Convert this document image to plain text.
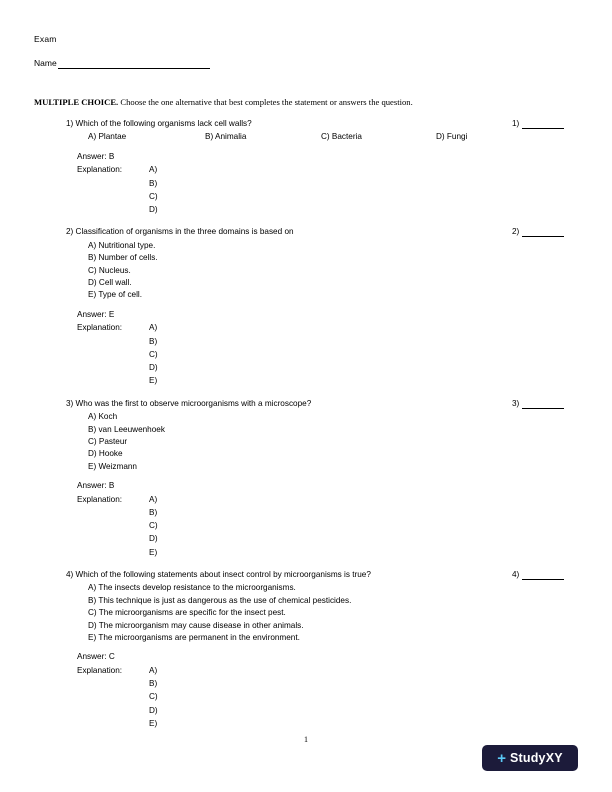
Exam
Name
MULTIPLE CHOICE. Choose the one alternative that best completes the statement or answers the question.
1) Which of the following organisms lack cell walls?
A) Plantae	B) Animalia	C) Bacteria	D) Fungi
Answer: B
Explanation:	A)
B)
C)
D)
1)
2) Classification of organisms in the three domains is based on
A) Nutritional type.
B) Number of cells.
C) Nucleus.
D) Cell wall.
E) Type of cell.
Answer: E
Explanation:	A)
B)
C)
D)
E)
2)
3) Who was the first to observe microorganisms with a microscope?
A) Koch
B) van Leeuwenhoek
C) Pasteur
D) Hooke
E) Weizmann
Answer: B
Explanation:	A)
B)
C)
D)
E)
3)
4) Which of the following statements about insect control by microorganisms is true?
A) The insects develop resistance to the microorganisms.
B) This technique is just as dangerous as the use of chemical pesticides.
C) The microorganisms are specific for the insect pest.
D) The microorganism may cause disease in other animals.
E) The microorganisms are permanent in the environment.
Answer: C
Explanation:	A)
B)
C)
D)
E)
4)
1
+ StudyXY
